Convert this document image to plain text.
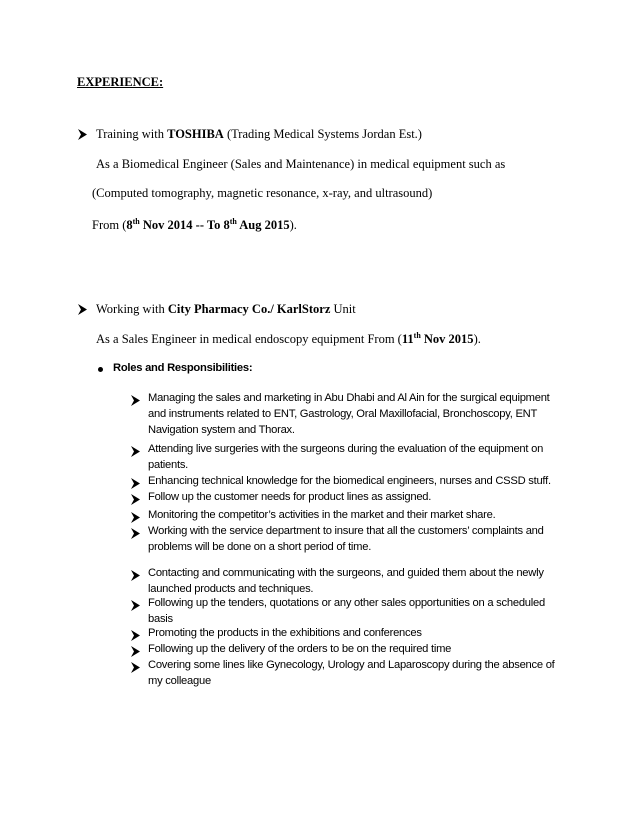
EXPERIENCE:
Training with TOSHIBA (Trading Medical Systems Jordan Est.)
As a Biomedical Engineer (Sales and Maintenance) in medical equipment such as
(Computed tomography, magnetic resonance, x-ray, and ultrasound)
From (8th Nov 2014 -- To 8th Aug 2015).
Working with City Pharmacy Co./ KarlStorz Unit
As a Sales Engineer in medical endoscopy equipment From (11th Nov 2015).
Roles and Responsibilities:
Managing the sales and marketing in Abu Dhabi and Al Ain for the surgical equipment
and instruments related to ENT, Gastrology, Oral Maxillofacial, Bronchoscopy, ENT
Navigation system and Thorax.
Attending live surgeries with the surgeons during the evaluation of the equipment on
patients.
Enhancing technical knowledge for the biomedical engineers, nurses and CSSD stuff.
Follow up the customer needs for product lines as assigned.
Monitoring the competitor’s activities in the market and their market share.
Working with the service department to insure that all the customers’ complaints and
problems will be done on a short period of time.
Contacting and communicating with the surgeons, and guided them about the newly
launched products and techniques.
Following up the tenders, quotations or any other sales opportunities on a scheduled
basis
Promoting the products in the exhibitions and conferences
Following up the delivery of the orders to be on the required time
Covering some lines like Gynecology, Urology and Laparoscopy during the absence of
my colleague
